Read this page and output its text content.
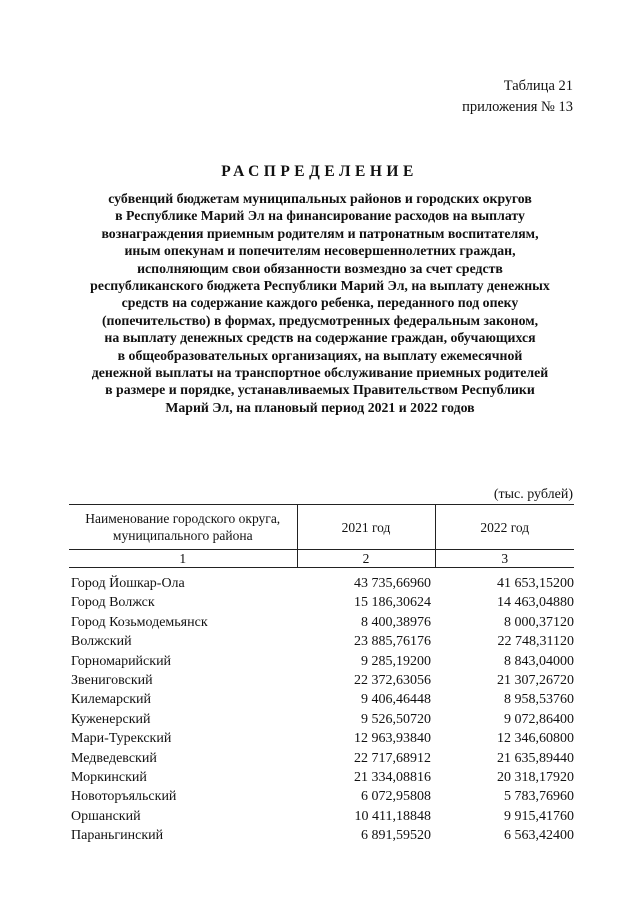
Таблица 21
приложения № 13
РАСПРЕДЕЛЕНИЕ
субвенций бюджетам муниципальных районов и городских округов
в Республике Марий Эл на финансирование расходов на выплату
вознаграждения приемным родителям и патронатным воспитателям,
иным опекунам и попечителям несовершеннолетних граждан,
исполняющим свои обязанности возмездно за счет средств
республиканского бюджета Республики Марий Эл, на выплату денежных
средств на содержание каждого ребенка, переданного под опеку
(попечительство) в формах, предусмотренных федеральным законом,
на выплату денежных средств на содержание граждан, обучающихся
в общеобразовательных организациях, на выплату ежемесячной
денежной выплаты на транспортное обслуживание приемных родителей
в размере и порядке, устанавливаемых Правительством Республики
Марий Эл, на плановый период 2021 и 2022 годов
(тыс. рублей)
Наименование городского округа,
муниципального района	2021 год	2022 год
1	2	3

Город Йошкар-Ола	43 735,66960	41 653,15200
Город Волжск	15 186,30624	14 463,04880
Город Козьмодемьянск	8 400,38976	8 000,37120
Волжский	23 885,76176	22 748,31120
Горномарийский	9 285,19200	8 843,04000
Звениговский	22 372,63056	21 307,26720
Килемарский	9 406,46448	8 958,53760
Куженерский	9 526,50720	9 072,86400
Мари-Турекский	12 963,93840	12 346,60800
Медведевский	22 717,68912	21 635,89440
Моркинский	21 334,08816	20 318,17920
Новоторъяльский	6 072,95808	5 783,76960
Оршанский	10 411,18848	9 915,41760
Параньгинский	6 891,59520	6 563,42400
